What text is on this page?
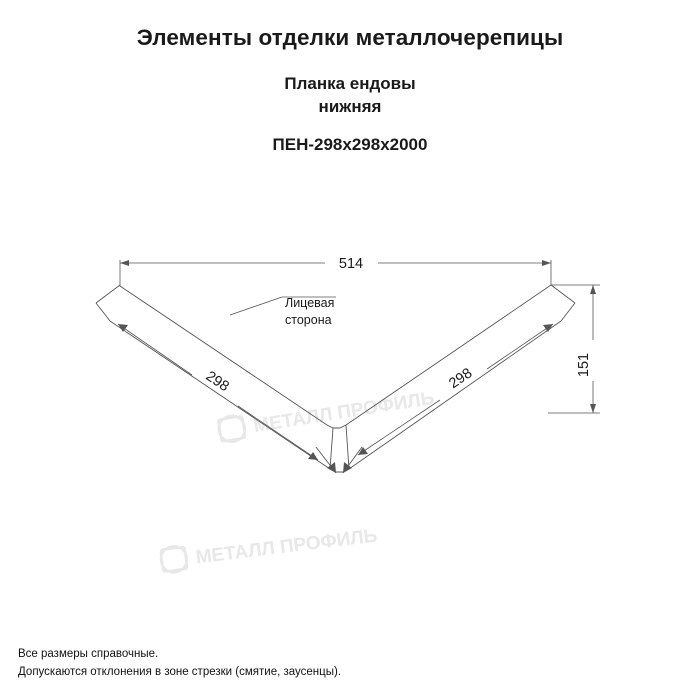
Элементы отделки металлочерепицы
Планка ендовы
нижняя
ПЕН-298x298x2000
МЕТАЛЛ ПРОФИЛЬ
МЕТАЛЛ ПРОФИЛЬ
514
151
Лицевая
сторона
298	298
Все размеры справочные.
Допускаются отклонения в зоне стрезки (смятие, заусенцы).
